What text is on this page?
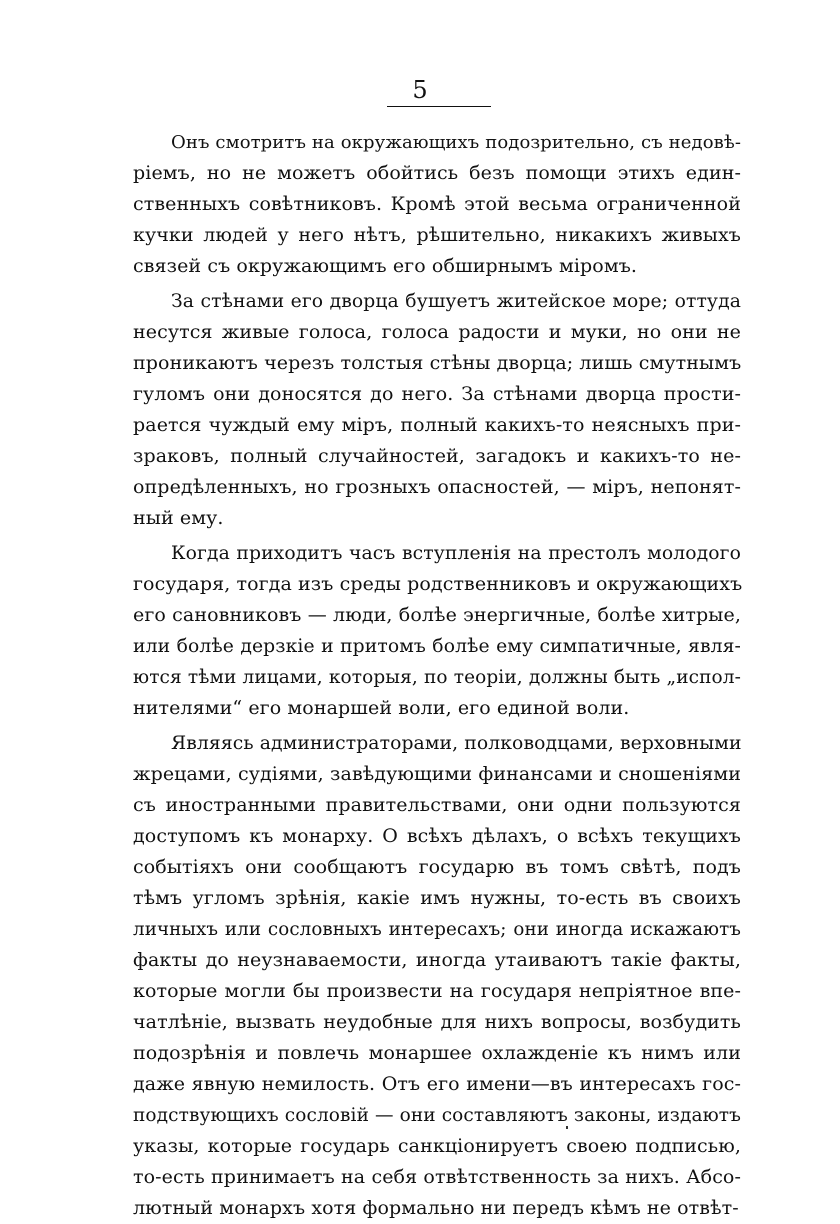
5
Онъ смотритъ на окружающихъ подозрительно, съ недовѣ-
ріемъ, но не можетъ обойтись безъ помощи этихъ един-
ственныхъ совѣтниковъ. Кромѣ этой весьма ограниченной
кучки людей у него нѣтъ, рѣшительно, никакихъ живыхъ
связей съ окружающимъ его обширнымъ міромъ.
За стѣнами его дворца бушуетъ житейское море; оттуда
несутся живые голоса, голоса радости и муки, но они не
проникаютъ черезъ толстыя стѣны дворца; лишь смутнымъ
гуломъ они доносятся до него. За стѣнами дворца прости-
рается чуждый ему міръ, полный какихъ-то неясныхъ при-
зраковъ, полный случайностей, загадокъ и какихъ-то не-
опредѣленныхъ, но грозныхъ опасностей, — міръ, непонят-
ный ему.
Когда приходитъ часъ вступленія на престолъ молодого
государя, тогда изъ среды родственниковъ и окружающихъ
его сановниковъ — люди, болѣе энергичные, болѣе хитрые,
или болѣе дерзкіе и притомъ болѣе ему симпатичные, явля-
ются тѣми лицами, которыя, по теоріи, должны быть „испол-
нителями“ его монаршей воли, его единой воли.
Являясь администраторами, полководцами, верховными
жрецами, судіями, завѣдующими финансами и сношеніями
съ иностранными правительствами, они одни пользуются
доступомъ къ монарху. О всѣхъ дѣлахъ, о всѣхъ текущихъ
событіяхъ они сообщаютъ государю въ томъ свѣтѣ, подъ
тѣмъ угломъ зрѣнія, какіе имъ нужны, то-есть въ своихъ
личныхъ или сословныхъ интересахъ; они иногда искажаютъ
факты до неузнаваемости, иногда утаиваютъ такіе факты,
которые могли бы произвести на государя непріятное впе-
чатлѣніе, вызвать неудобные для нихъ вопросы, возбудить
подозрѣнія и повлечь монаршее охлажденіе къ нимъ или
даже явную немилость. Отъ его имени—въ интересахъ гос-
подствующихъ сословій — они составляютъ законы, издаютъ
указы, которые государь санкціонируетъ своею подписью,
то-есть принимаетъ на себя отвѣтственность за нихъ. Абсо-
лютный монархъ хотя формально ни передъ кѣмъ не отвѣт-
